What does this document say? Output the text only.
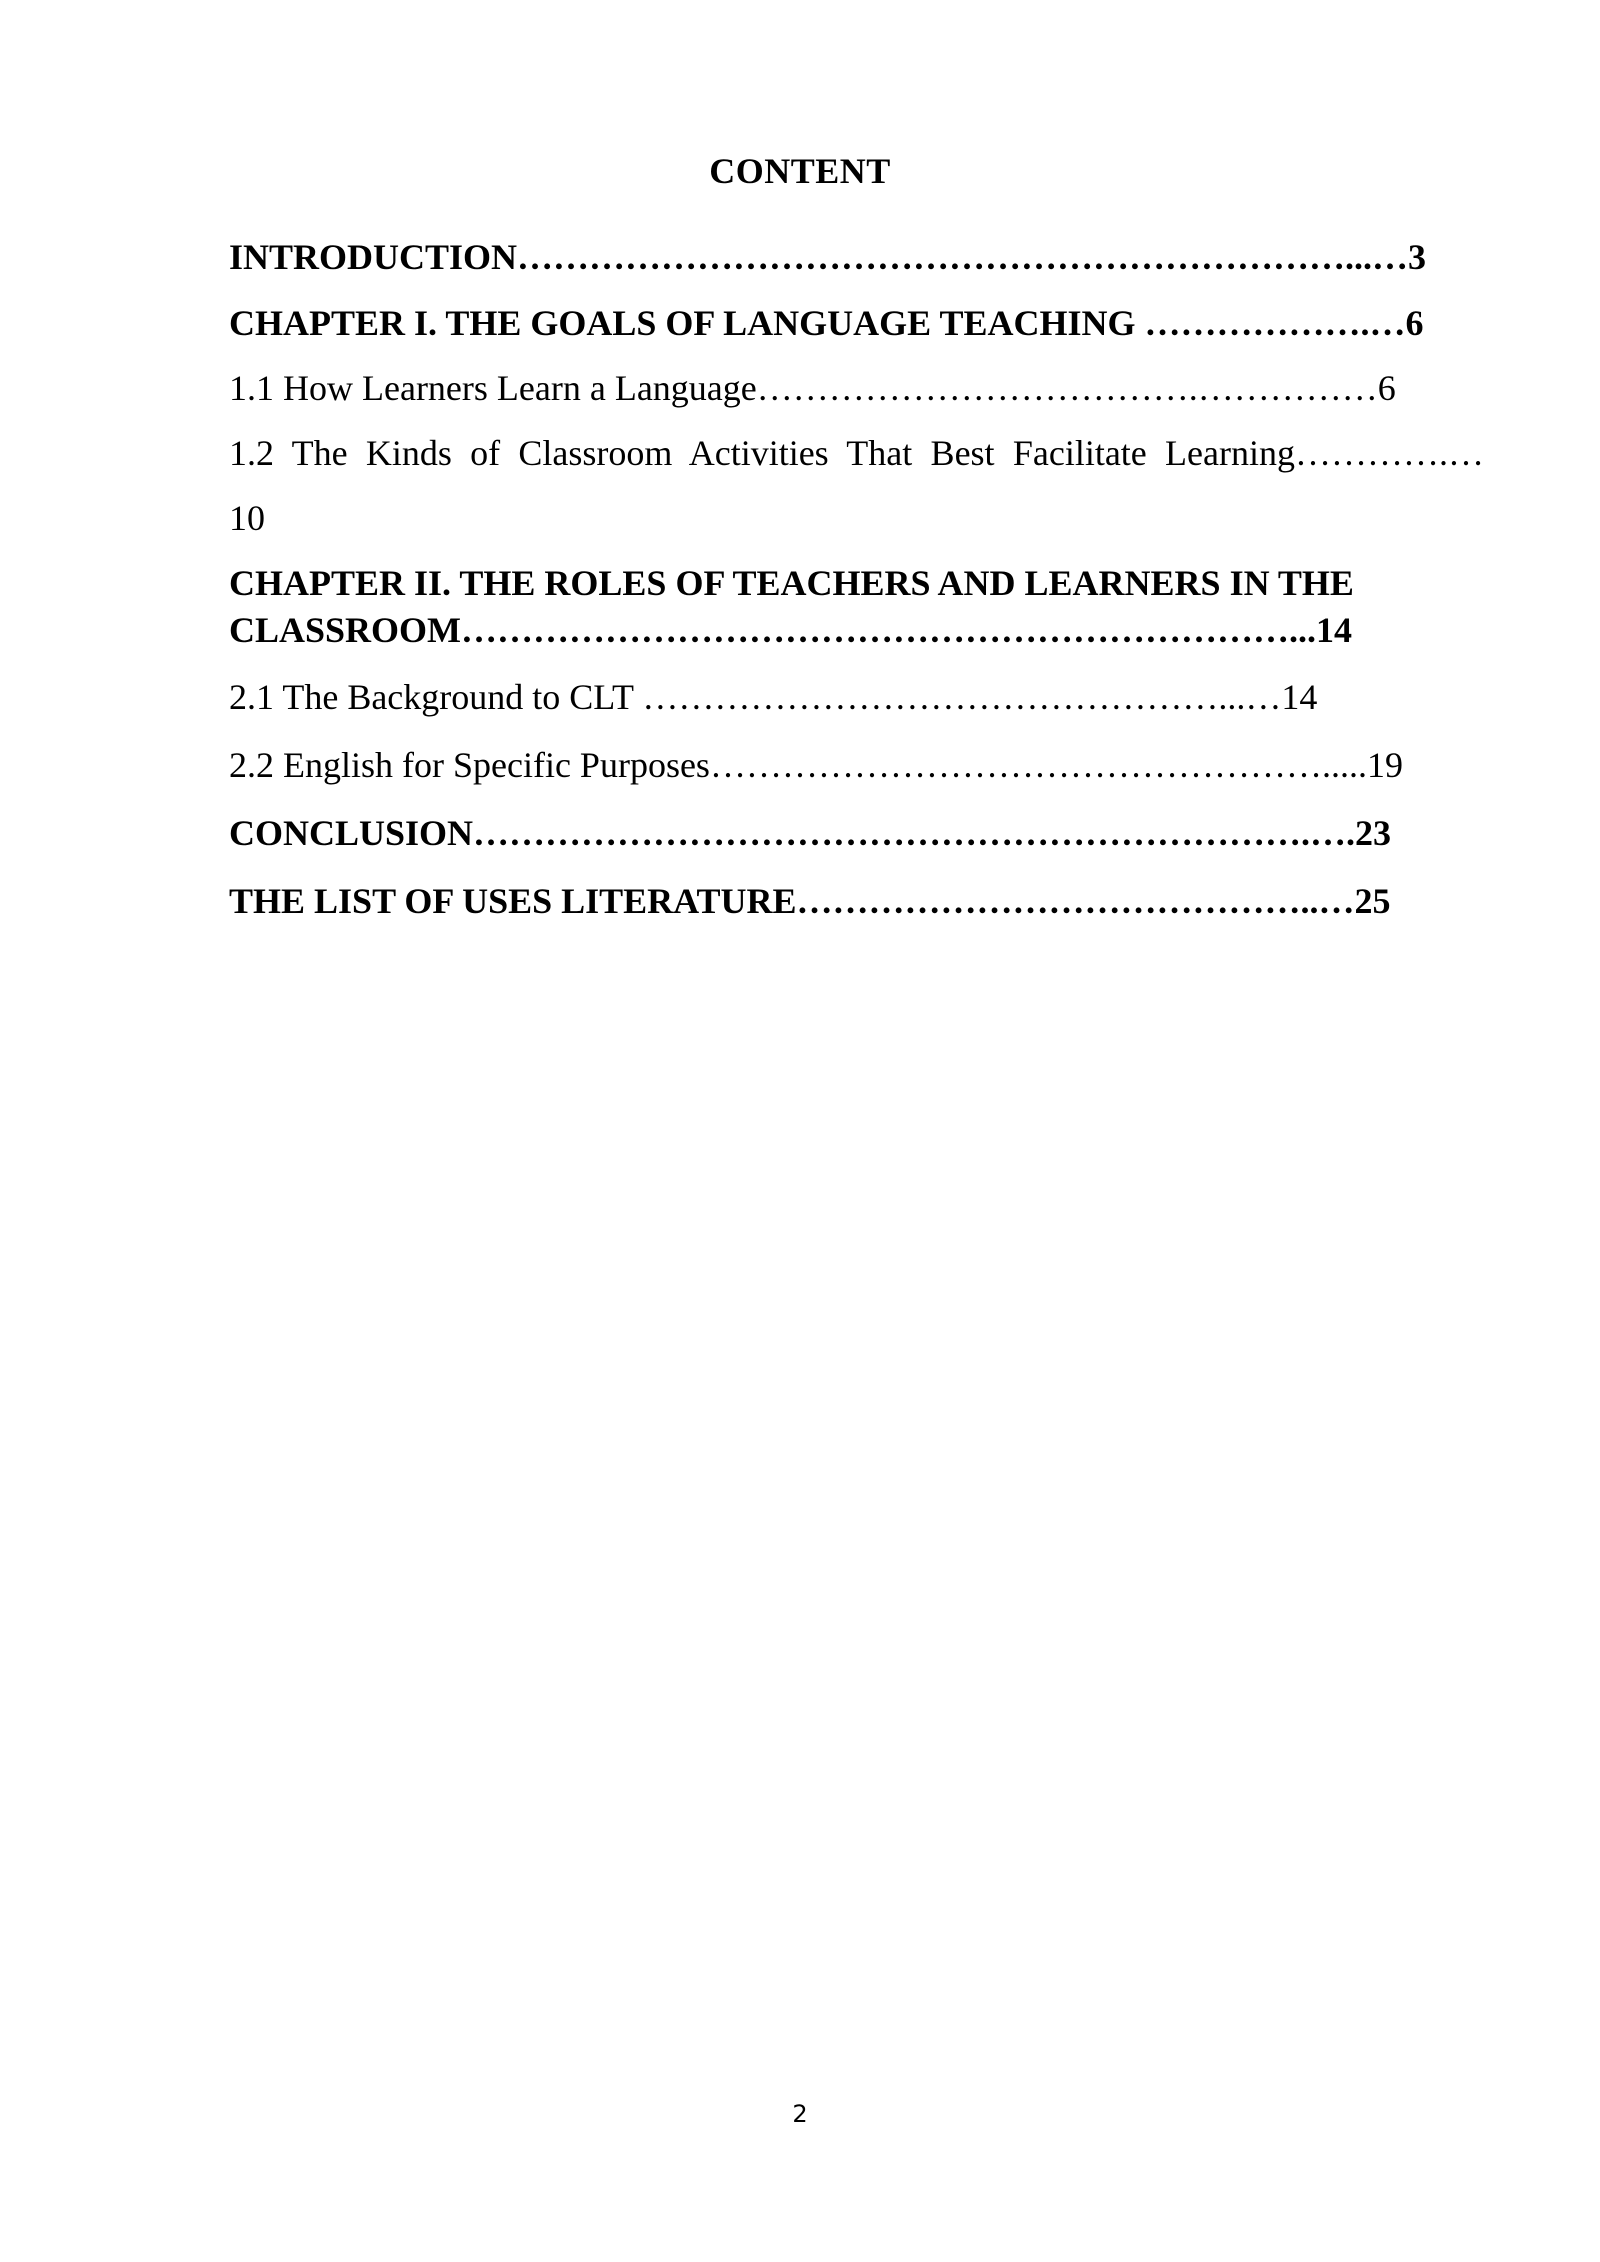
CONTENT
INTRODUCTION……………………………………………………………...…3
CHAPTER I. THE GOALS OF LANGUAGE TEACHING ……………….…6
1.1 How Learners Learn a Language……………………………….……………6
1.2 The Kinds of Classroom Activities That Best Facilitate Learning………….…
10
CHAPTER II. THE ROLES OF TEACHERS AND LEARNERS IN THE
CLASSROOM……………………………………………………………...14
2.1 The Background to CLT …………………………………………...…14
2.2 English for Specific Purposes…………………………………………….....19
CONCLUSION…………………………………………………………….….23
THE LIST OF USES LITERATURE……………………………………..…25
2
